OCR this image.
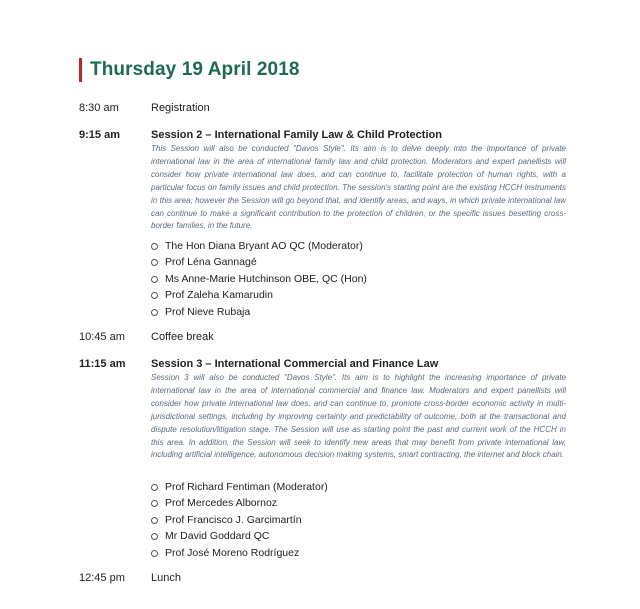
Thursday 19 April 2018
8:30 am	Registration
9:15 am	Session 2 – International Family Law & Child Protection

This Session will also be conducted "Davos Style". Its aim is to delve deeply into the importance of private international law in the area of international family law and child protection. Moderators and expert panellists will consider how private international law does, and can continue to, facilitate protection of human rights, with a particular focus on family issues and child protection. The session's starting point are the existing HCCH instruments in this area; however the Session will go beyond that, and identify areas, and ways, in which private international law can continue to make a significant contribution to the protection of children, or the specific issues besetting cross-border families, in the future.

The Hon Diana Bryant AO QC (Moderator)
Prof Léna Gannagé
Ms Anne-Marie Hutchinson OBE, QC (Hon)
Prof Zaleha Kamarudin
Prof Nieve Rubaja
10:45 am	Coffee break
11:15 am	Session 3 – International Commercial and Finance Law

Session 3 will also be conducted "Davos Style". Its aim is to highlight the increasing importance of private international law in the area of international commercial and finance law. Moderators and expert panellists will consider how private international law does, and can continue to, promote cross-border economic activity in multi-jurisdictional settings, including by improving certainty and predictability of outcome, both at the transactional and dispute resolution/litigation stage. The Session will use as starting point the past and current work of the HCCH in this area. In addition, the Session will seek to identify new areas that may benefit from private international law, including artificial intelligence, autonomous decision making systems, smart contracting, the internet and block chain.

Prof Richard Fentiman (Moderator)
Prof Mercedes Albornoz
Prof Francisco J. Garcimartín
Mr David Goddard QC
Prof José Moreno Rodríguez
12:45 pm	Lunch
